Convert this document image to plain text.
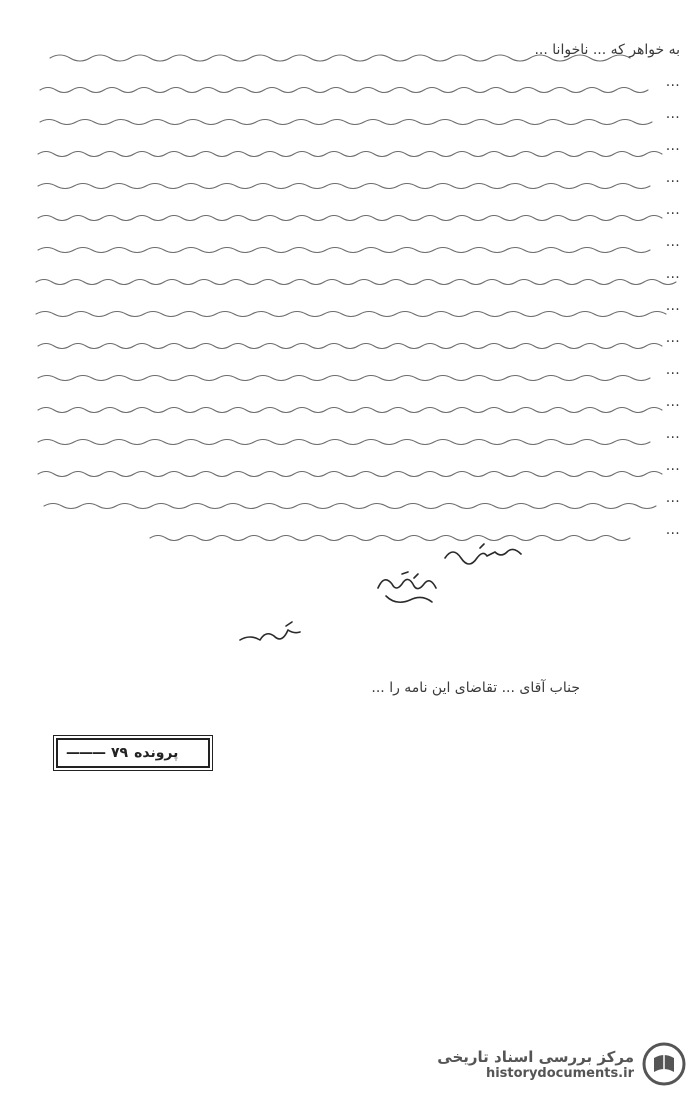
به خواهر که ... ناخوانا ...
...
...
...
...
...
...
...
...
...
...
...
...
...
...
...
جناب آقای ... تقاضای این نامه را ...
پرونده
۷۹
———
مرکز بررسی اسناد تاریخی
historydocuments.ir
